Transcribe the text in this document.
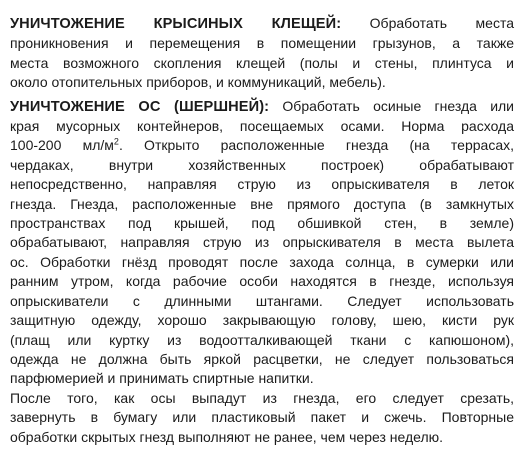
УНИЧТОЖЕНИЕ КРЫСИНЫХ КЛЕЩЕЙ: Обработать места
проникновения и перемещения в помещении грызунов, а также
места возможного скопления клещей (полы и стены, плинтуса и
около отопительных приборов, и коммуникаций, мебель).
УНИЧТОЖЕНИЕ ОС (ШЕРШНЕЙ): Обработать осиные гнезда или
края мусорных контейнеров, посещаемых осами. Норма расхода
100-200 $мл/м^2$. Открыто расположенные гнезда (на террасах,
чердаках, внутри хозяйственных построек) обрабатывают
непосредственно, направляя струю из опрыскивателя в леток
гнезда. Гнезда, расположенные вне прямого доступа (в замкнутых
пространствах под крышей, под обшивкой стен, в земле)
обрабатывают, направляя струю из опрыскивателя в места вылета
ос. Обработки гнёзд проводят после захода солнца, в сумерки или
ранним утром, когда рабочие особи находятся в гнезде, используя
опрыскиватели с длинными штангами. Следует использовать
защитную одежду, хорошо закрывающую голову, шею, кисти рук
(плащ или куртку из водоотталкивающей ткани с капюшоном),
одежда не должна быть яркой расцветки, не следует пользоваться
парфюмерией и принимать спиртные напитки.
После того, как осы выпадут из гнезда, его следует срезать,
завернуть в бумагу или пластиковый пакет и сжечь. Повторные
обработки скрытых гнезд выполняют не ранее, чем через неделю.
